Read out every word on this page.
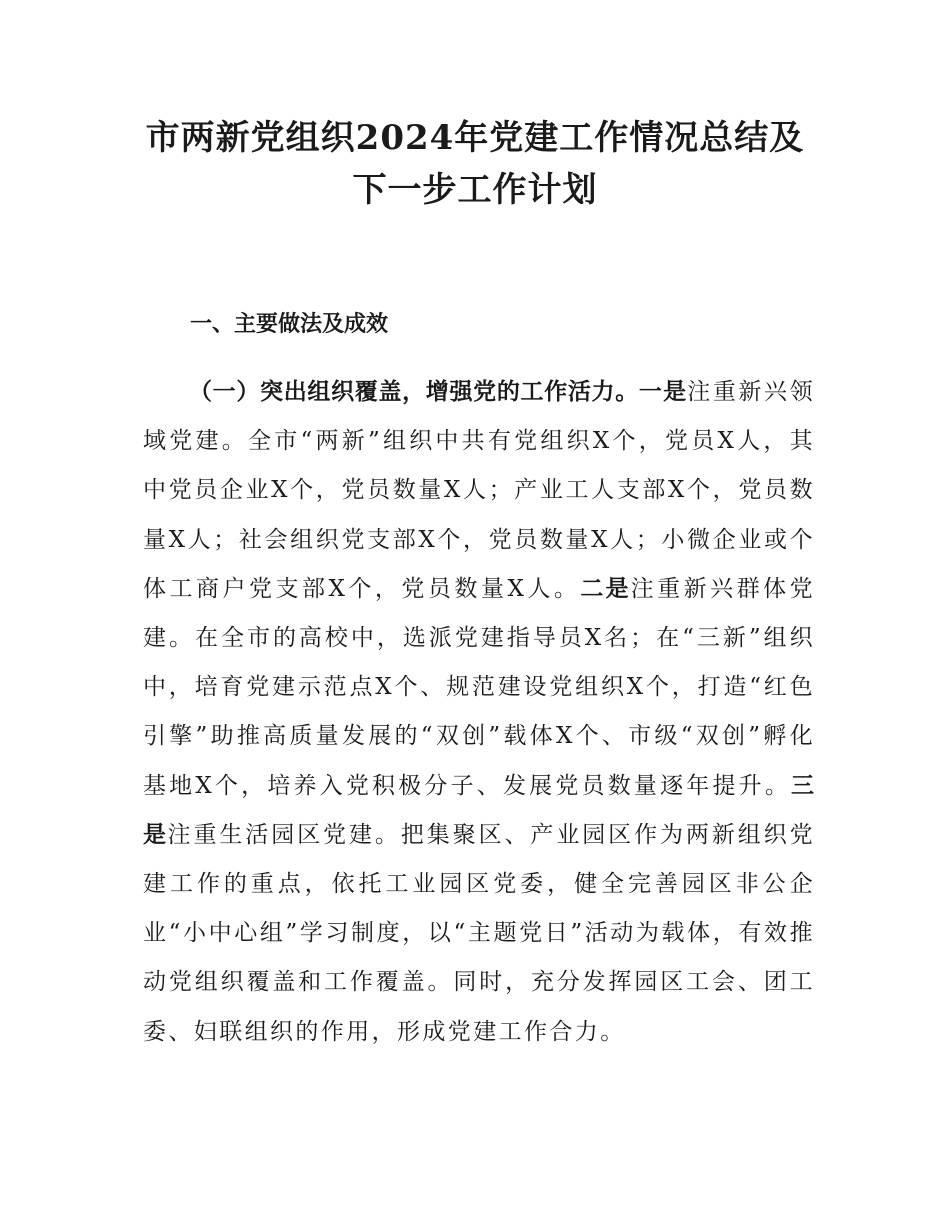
市两新党组织2024年党建工作情况总结及下一步工作计划
一、主要做法及成效

（一）突出组织覆盖，增强党的工作活力。一是注重新兴领域党建。全市“两新”组织中共有党组织X个，党员X人，其中党员企业X个，党员数量X人；产业工人支部X个，党员数量X人；社会组织党支部X个，党员数量X人；小微企业或个体工商户党支部X个，党员数量X人。二是注重新兴群体党建。在全市的高校中，选派党建指导员X名；在“三新”组织中，培育党建示范点X个、规范建设党组织X个，打造“红色引擎”助推高质量发展的“双创”载体X个、市级“双创”孵化基地X个，培养入党积极分子、发展党员数量逐年提升。三是注重生活园区党建。把集聚区、产业园区作为两新组织党建工作的重点，依托工业园区党委，健全完善园区非公企业“小中心组”学习制度，以“主题党日”活动为载体，有效推动党组织覆盖和工作覆盖。同时，充分发挥园区工会、团工委、妇联组织的作用，形成党建工作合力。
